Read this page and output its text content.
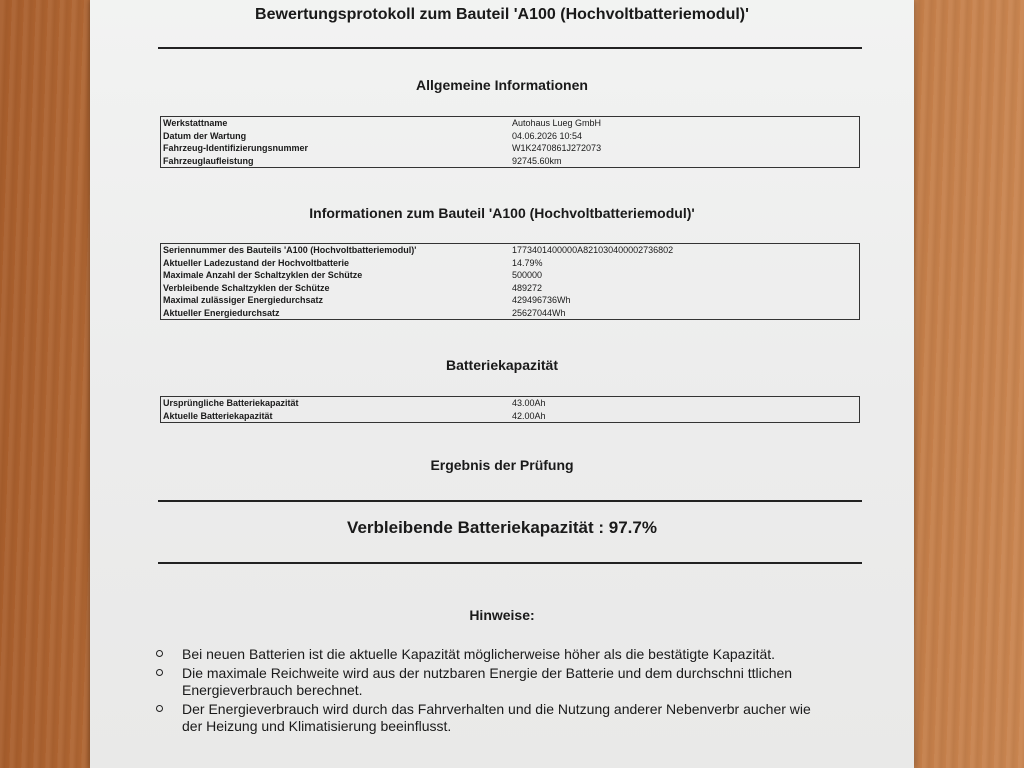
Bewertungsprotokoll zum Bauteil 'A100 (Hochvoltbatteriemodul)'
Allgemeine Informationen
Werkstattname	Autohaus Lueg GmbH
Datum der Wartung	04.06.2026 10:54
Fahrzeug-Identifizierungsnummer	W1K2470861J272073
Fahrzeuglaufleistung	92745.60km
Informationen zum Bauteil 'A100 (Hochvoltbatteriemodul)'
Seriennummer des Bauteils 'A100 (Hochvoltbatteriemodul)'	1773401400000A821030400002736802
Aktueller Ladezustand der Hochvoltbatterie	14.79%
Maximale Anzahl der Schaltzyklen der Schütze	500000
Verbleibende Schaltzyklen der Schütze	489272
Maximal zulässiger Energiedurchsatz	429496736Wh
Aktueller Energiedurchsatz	25627044Wh
Batteriekapazität
Ursprüngliche Batteriekapazität	43.00Ah
Aktuelle Batteriekapazität	42.00Ah
Ergebnis der Prüfung
Verbleibende Batteriekapazität : 97.7%
Hinweise:
Bei neuen Batterien ist die aktuelle Kapazität möglicherweise höher als die bestätigte Kapazität.
Die maximale Reichweite wird aus der nutzbaren Energie der Batterie und dem durchschni ttlichen Energieverbrauch berechnet.
Der Energieverbrauch wird durch das Fahrverhalten und die Nutzung anderer Nebenverbr aucher wie der Heizung und Klimatisierung beeinflusst.
